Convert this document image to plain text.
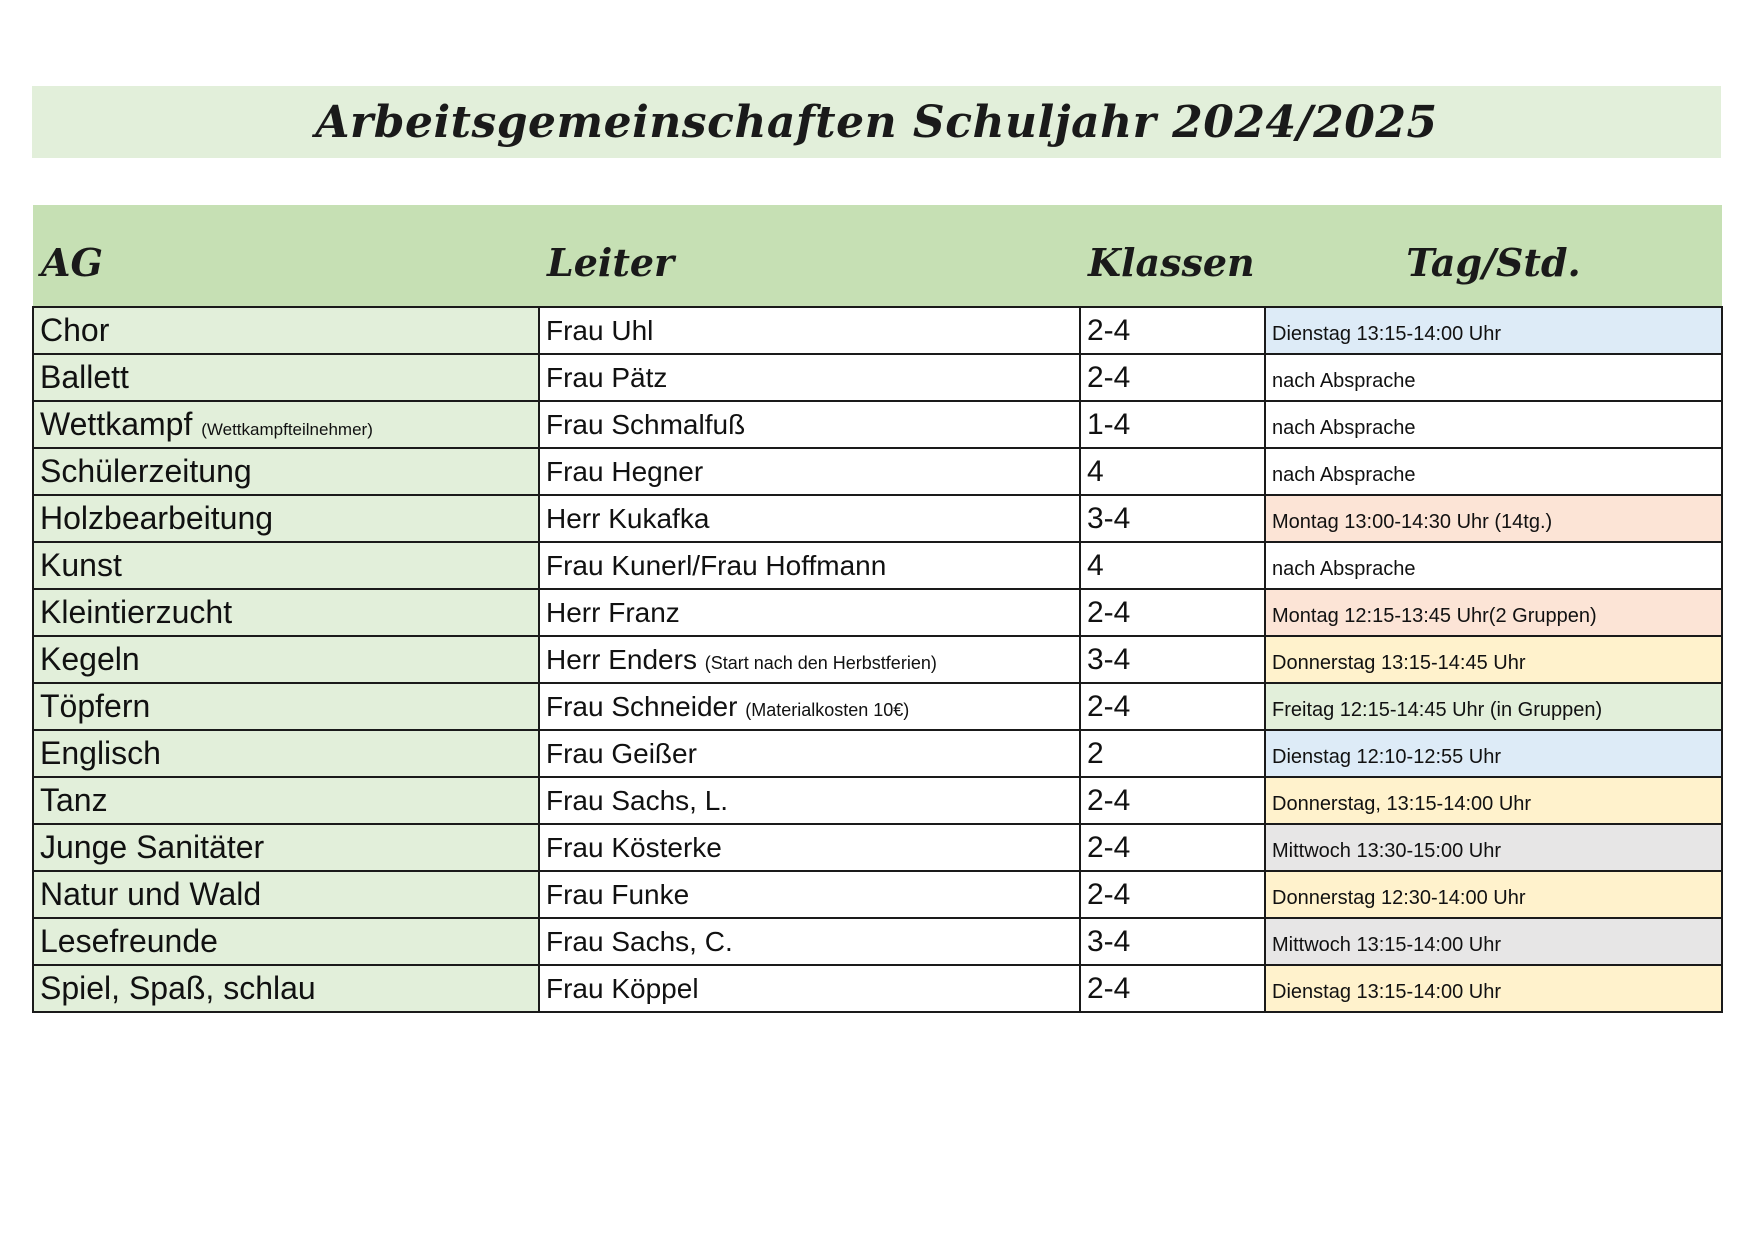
Arbeitsgemeinschaften Schuljahr 2024/2025
AG	Leiter	Klassen	Tag/Std.
Chor	Frau Uhl	2-4	Dienstag 13:15-14:00 Uhr
Ballett	Frau Pätz	2-4	nach Absprache
Wettkampf (Wettkampfteilnehmer)	Frau Schmalfuß	1-4	nach Absprache
Schülerzeitung	Frau Hegner	4	nach Absprache
Holzbearbeitung	Herr Kukafka	3-4	Montag 13:00-14:30 Uhr (14tg.)
Kunst	Frau Kunerl/Frau Hoffmann	4	nach Absprache
Kleintierzucht	Herr Franz	2-4	Montag 12:15-13:45 Uhr(2 Gruppen)
Kegeln	Herr Enders (Start nach den Herbstferien)	3-4	Donnerstag 13:15-14:45 Uhr
Töpfern	Frau Schneider (Materialkosten 10€)	2-4	Freitag 12:15-14:45 Uhr (in Gruppen)
Englisch	Frau Geißer	2	Dienstag 12:10-12:55 Uhr
Tanz	Frau Sachs, L.	2-4	Donnerstag, 13:15-14:00 Uhr
Junge Sanitäter	Frau Kösterke	2-4	Mittwoch 13:30-15:00 Uhr
Natur und Wald	Frau Funke	2-4	Donnerstag 12:30-14:00 Uhr
Lesefreunde	Frau Sachs, C.	3-4	Mittwoch 13:15-14:00 Uhr
Spiel, Spaß, schlau	Frau Köppel	2-4	Dienstag 13:15-14:00 Uhr
